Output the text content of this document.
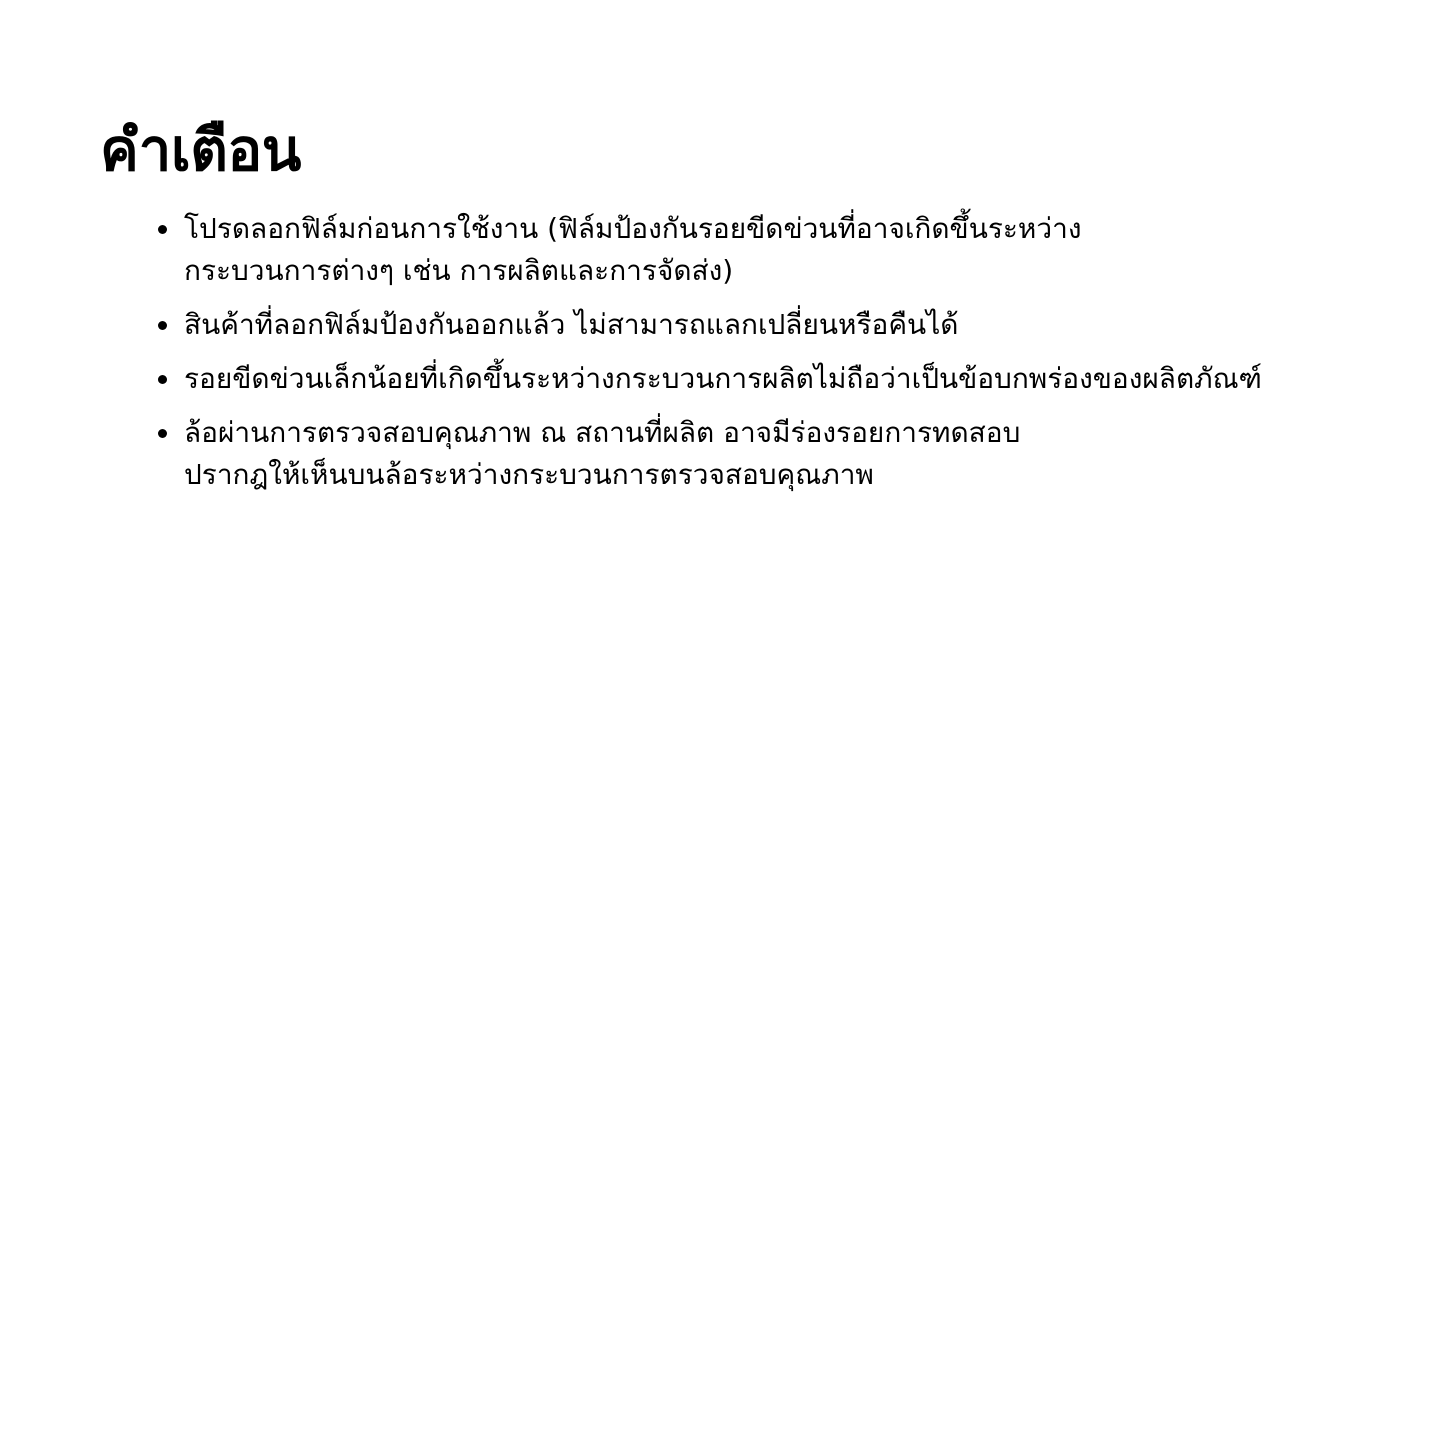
คำเตือน
โปรดลอกฟิล์มก่อนการใช้งาน (ฟิล์มป้องกันรอยขีดข่วนที่อาจเกิดขึ้นระหว่าง
กระบวนการต่างๆ เช่น การผลิตและการจัดส่ง)
สินค้าที่ลอกฟิล์มป้องกันออกแล้ว ไม่สามารถแลกเปลี่ยนหรือคืนได้
รอยขีดข่วนเล็กน้อยที่เกิดขึ้นระหว่างกระบวนการผลิตไม่ถือว่าเป็นข้อบกพร่องของผลิตภัณฑ์
ล้อผ่านการตรวจสอบคุณภาพ ณ สถานที่ผลิต อาจมีร่องรอยการทดสอบ
ปรากฎให้เห็นบนล้อระหว่างกระบวนการตรวจสอบคุณภาพ
